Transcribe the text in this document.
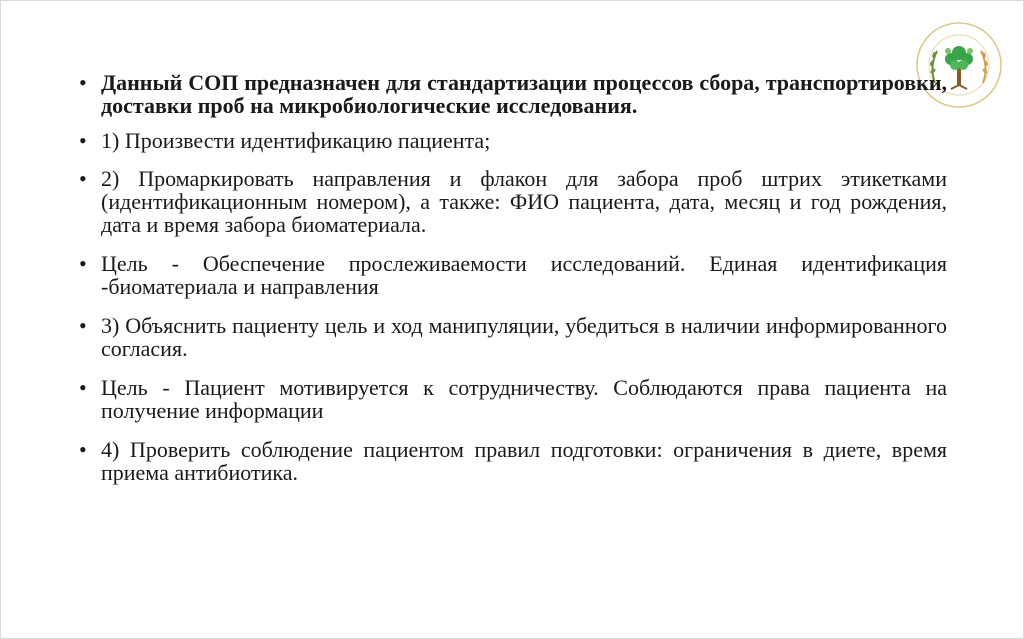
• Данный СОП предназначен для стандартизации процессов сбора, транспортировки, доставки проб на микробиологические исследования.
• 1) Произвести идентификацию пациента;
• 2) Промаркировать направления и флакон для забора проб штрих этикетками (идентификационным номером), а также: ФИО пациента, дата, месяц и год рождения, дата и время забора биоматериала.
• Цель - Обеспечение прослеживаемости исследований. Единая идентификация -биоматериала и направления
• 3) Объяснить пациенту цель и ход манипуляции, убедиться в наличии информированного согласия.
• Цель - Пациент мотивируется к сотрудничеству. Соблюдаются права пациента на получение информации
• 4) Проверить соблюдение пациентом правил подготовки: ограничения в диете, время приема антибиотика.
